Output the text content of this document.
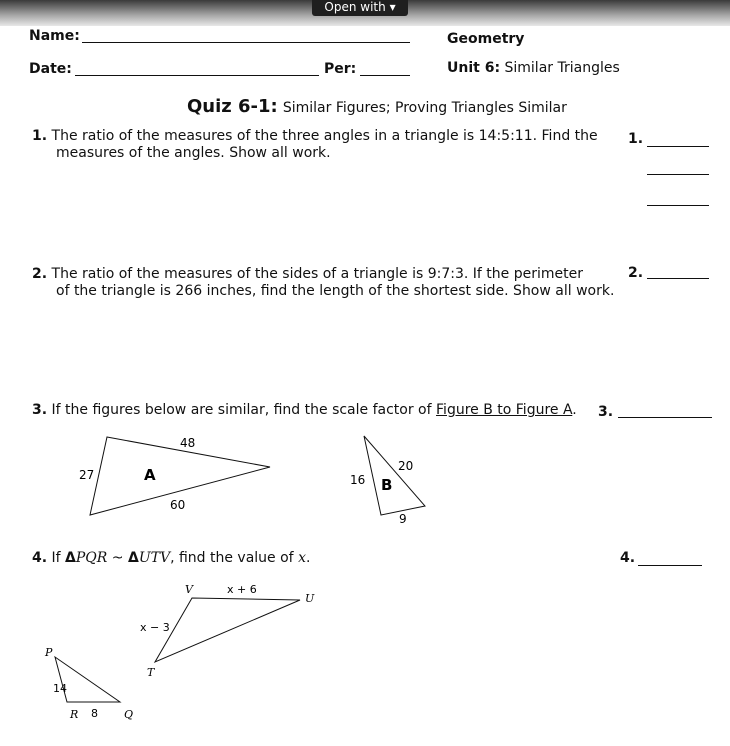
Open with ▾
Name:
Date:	Per:
Geometry
Unit 6: Similar Triangles
Quiz 6-1: Similar Figures; Proving Triangles Similar
1. The ratio of the measures of the three angles in a triangle is 14:5:11. Find the
measures of the angles. Show all work.
1.
2. The ratio of the measures of the sides of a triangle is 9:7:3. If the perimeter
of the triangle is 266 inches, find the length of the shortest side. Show all work.
2.
3. If the figures below are similar, find the scale factor of Figure B to Figure A. 3.
48
27
60
A	16
20
9
B
4. If ΔPQR ~ ΔUTV, find the value of x.	4.
V
U
T
x + 6
x − 3
P
R	Q
14
8
